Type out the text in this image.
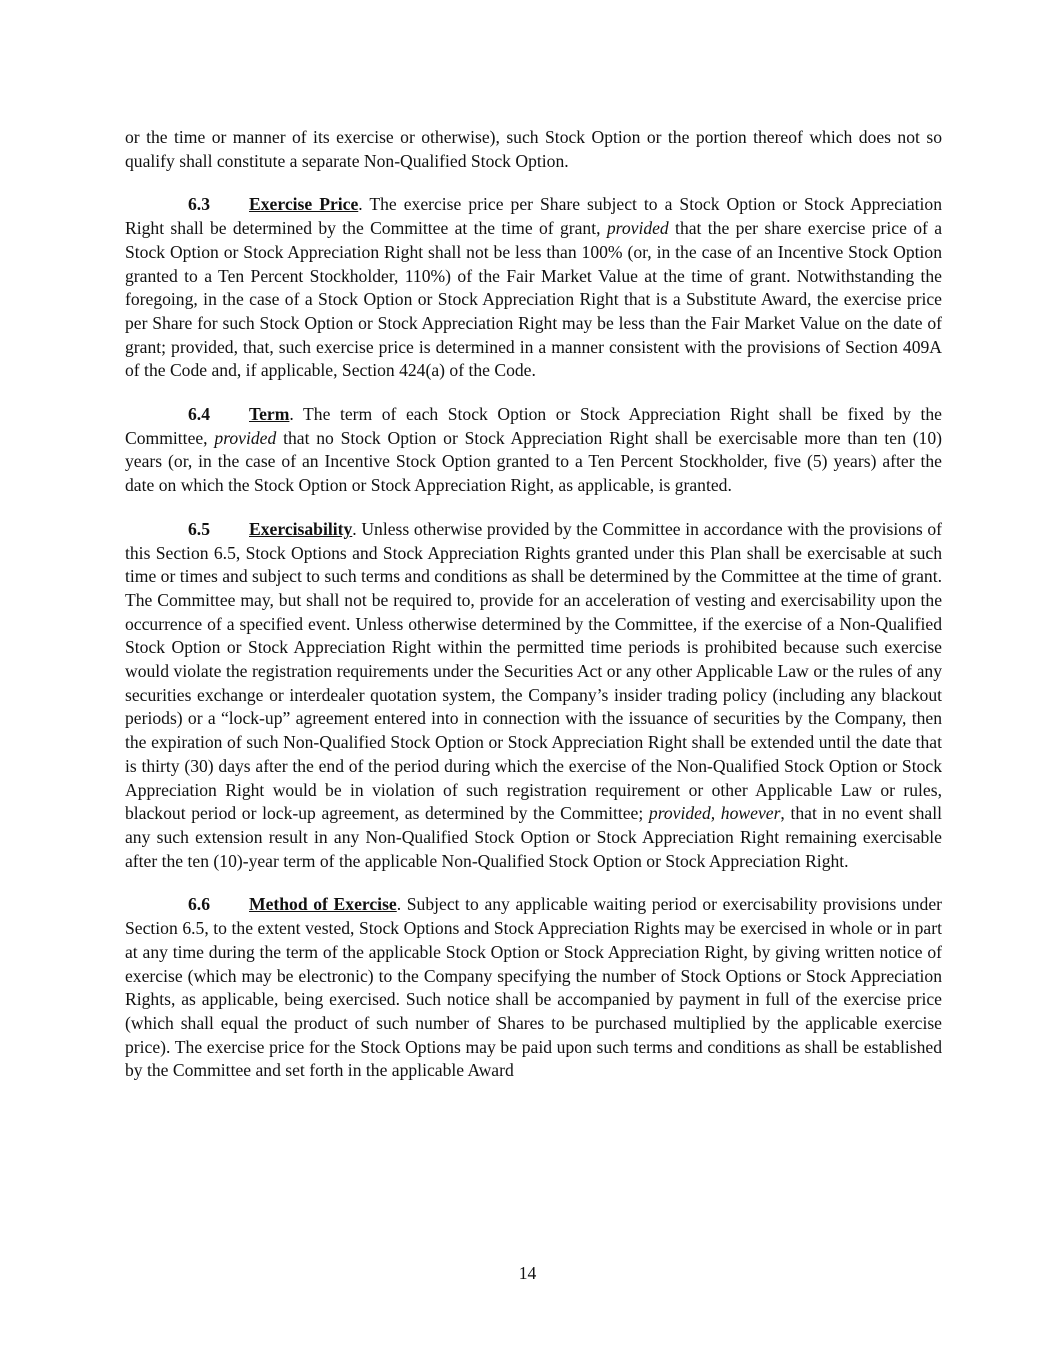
or the time or manner of its exercise or otherwise), such Stock Option or the portion thereof which does not so qualify shall constitute a separate Non-Qualified Stock Option.

6.3 Exercise Price. The exercise price per Share subject to a Stock Option or Stock Appreciation Right shall be determined by the Committee at the time of grant, provided that the per share exercise price of a Stock Option or Stock Appreciation Right shall not be less than 100% (or, in the case of an Incentive Stock Option granted to a Ten Percent Stockholder, 110%) of the Fair Market Value at the time of grant. Notwithstanding the foregoing, in the case of a Stock Option or Stock Appreciation Right that is a Substitute Award, the exercise price per Share for such Stock Option or Stock Appreciation Right may be less than the Fair Market Value on the date of grant; provided, that, such exercise price is determined in a manner consistent with the provisions of Section 409A of the Code and, if applicable, Section 424(a) of the Code.

6.4 Term. The term of each Stock Option or Stock Appreciation Right shall be fixed by the Committee, provided that no Stock Option or Stock Appreciation Right shall be exercisable more than ten (10) years (or, in the case of an Incentive Stock Option granted to a Ten Percent Stockholder, five (5) years) after the date on which the Stock Option or Stock Appreciation Right, as applicable, is granted.

6.5 Exercisability. Unless otherwise provided by the Committee in accordance with the provisions of this Section 6.5, Stock Options and Stock Appreciation Rights granted under this Plan shall be exercisable at such time or times and subject to such terms and conditions as shall be determined by the Committee at the time of grant. The Committee may, but shall not be required to, provide for an acceleration of vesting and exercisability upon the occurrence of a specified event. Unless otherwise determined by the Committee, if the exercise of a Non-Qualified Stock Option or Stock Appreciation Right within the permitted time periods is prohibited because such exercise would violate the registration requirements under the Securities Act or any other Applicable Law or the rules of any securities exchange or interdealer quotation system, the Company’s insider trading policy (including any blackout periods) or a “lock-up” agreement entered into in connection with the issuance of securities by the Company, then the expiration of such Non-Qualified Stock Option or Stock Appreciation Right shall be extended until the date that is thirty (30) days after the end of the period during which the exercise of the Non-Qualified Stock Option or Stock Appreciation Right would be in violation of such registration requirement or other Applicable Law or rules, blackout period or lock-up agreement, as determined by the Committee; provided, however, that in no event shall any such extension result in any Non-Qualified Stock Option or Stock Appreciation Right remaining exercisable after the ten (10)-year term of the applicable Non-Qualified Stock Option or Stock Appreciation Right.

6.6 Method of Exercise. Subject to any applicable waiting period or exercisability provisions under Section 6.5, to the extent vested, Stock Options and Stock Appreciation Rights may be exercised in whole or in part at any time during the term of the applicable Stock Option or Stock Appreciation Right, by giving written notice of exercise (which may be electronic) to the Company specifying the number of Stock Options or Stock Appreciation Rights, as applicable, being exercised. Such notice shall be accompanied by payment in full of the exercise price (which shall equal the product of such number of Shares to be purchased multiplied by the applicable exercise price). The exercise price for the Stock Options may be paid upon such terms and conditions as shall be established by the Committee and set forth in the applicable Award

14
